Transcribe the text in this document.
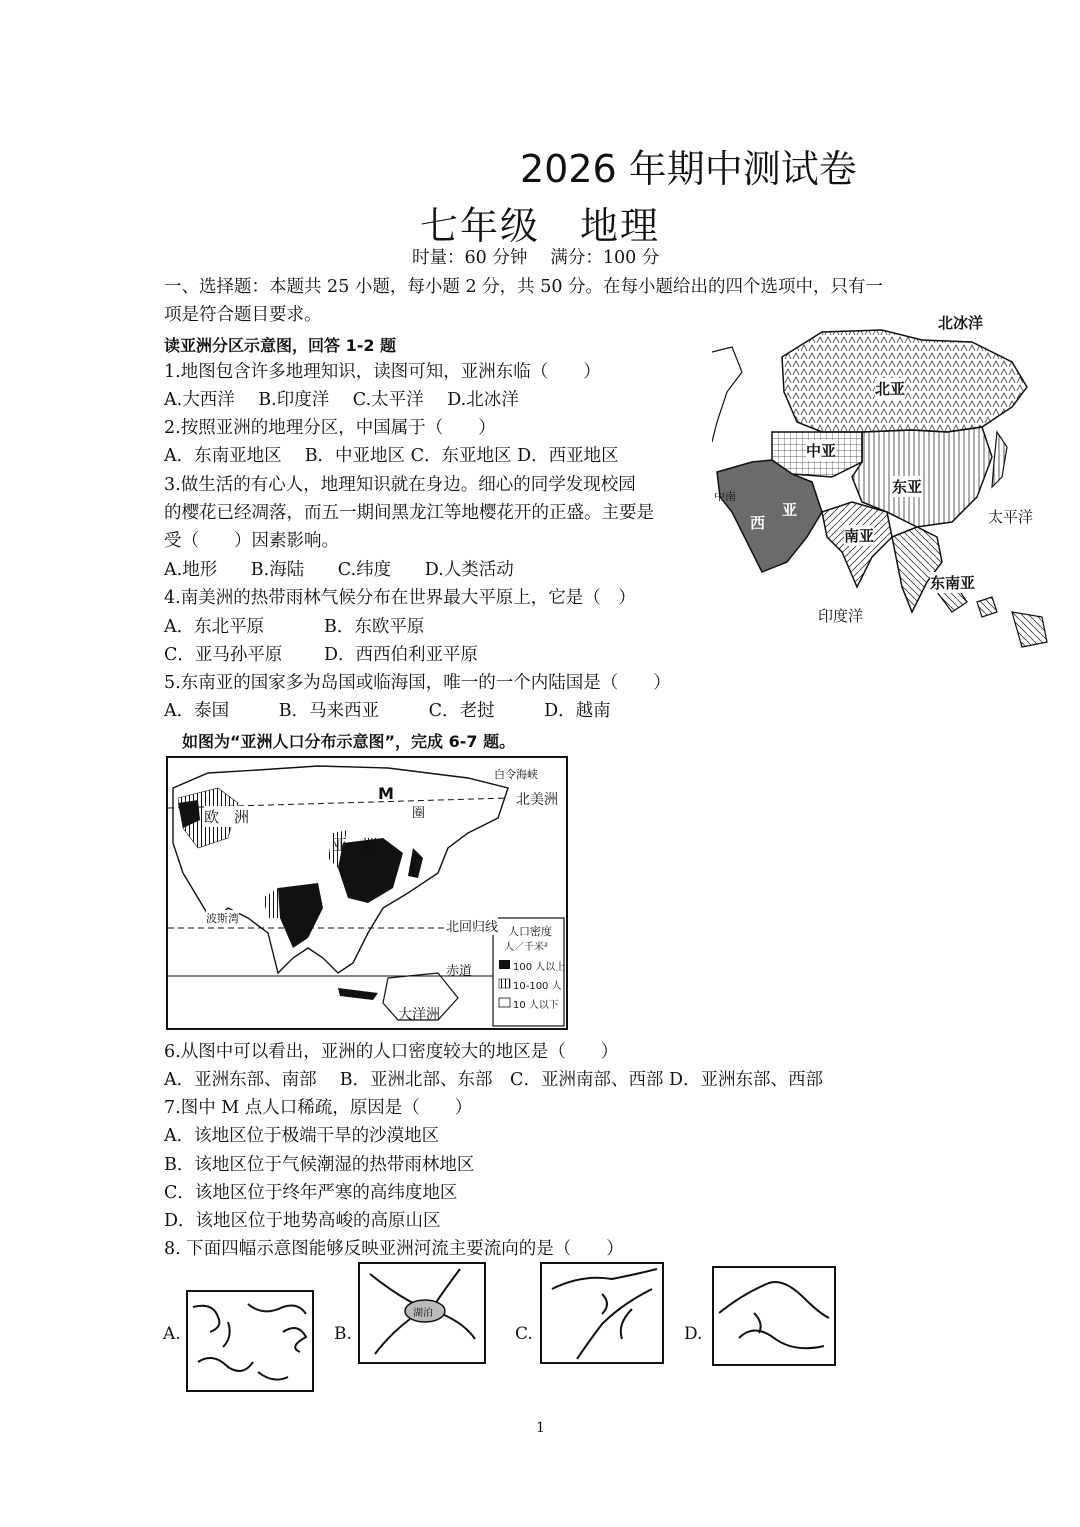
2026 年期中测试卷
七年级　地理
时量：60 分钟　 满分：100 分
一、选择题：本题共 25 小题，每小题 2 分，共 50 分。在每小题给出的四个选项中，只有一
项是符合题目要求。
读亚洲分区示意图，回答 1-2 题
1.地图包含许多地理知识，读图可知，亚洲东临（　　）
A.大西洋 B.印度洋 C.太平洋 D.北冰洋
2.按照亚洲的地理分区，中国属于（　　）
A．东南亚地区　 B．中亚地区 C．东亚地区 D．西亚地区
3.做生活的有心人，地理知识就在身边。细心的同学发现校园
的樱花已经凋落，而五一期间黑龙江等地樱花开的正盛。主要是
受（　　）因素影响。
A.地形 B.海陆 C.纬度 D.人类活动
4.南美洲的热带雨林气候分布在世界最大平原上，它是（　）
A．东北平原	B．东欧平原
C．亚马孙平原 D．西西伯利亚平原
5.东南亚的国家多为岛国或临海国，唯一的一个内陆国是（　　）
A．泰国	B．马来西亚	C．老挝	D．越南
如图为“亚洲人口分布示意图”，完成 6-7 题。
北冰洋
北亚
中亚
东亚
西
亚
南亚
东南亚
太平洋
印度洋
中南
M
白令海峡
欧　洲	圈
北美洲
亚　洲
波斯湾
北回归线
赤道
大洋洲
人口密度
人／千米²
100 人以上
10-100 人
10 人以下
6.从图中可以看出，亚洲的人口密度较大的地区是（　　）
A．亚洲东部、南部　 B．亚洲北部、东部　C．亚洲南部、西部 D．亚洲东部、西部
7.图中 M 点人口稀疏，原因是（　　）
A．该地区位于极端干旱的沙漠地区
B．该地区位于气候潮湿的热带雨林地区
C．该地区位于终年严寒的高纬度地区
D．该地区位于地势高峻的高原山区
8. 下面四幅示意图能够反映亚洲河流主要流向的是（　　）
A.	B.
湖泊
C.	D.
1
